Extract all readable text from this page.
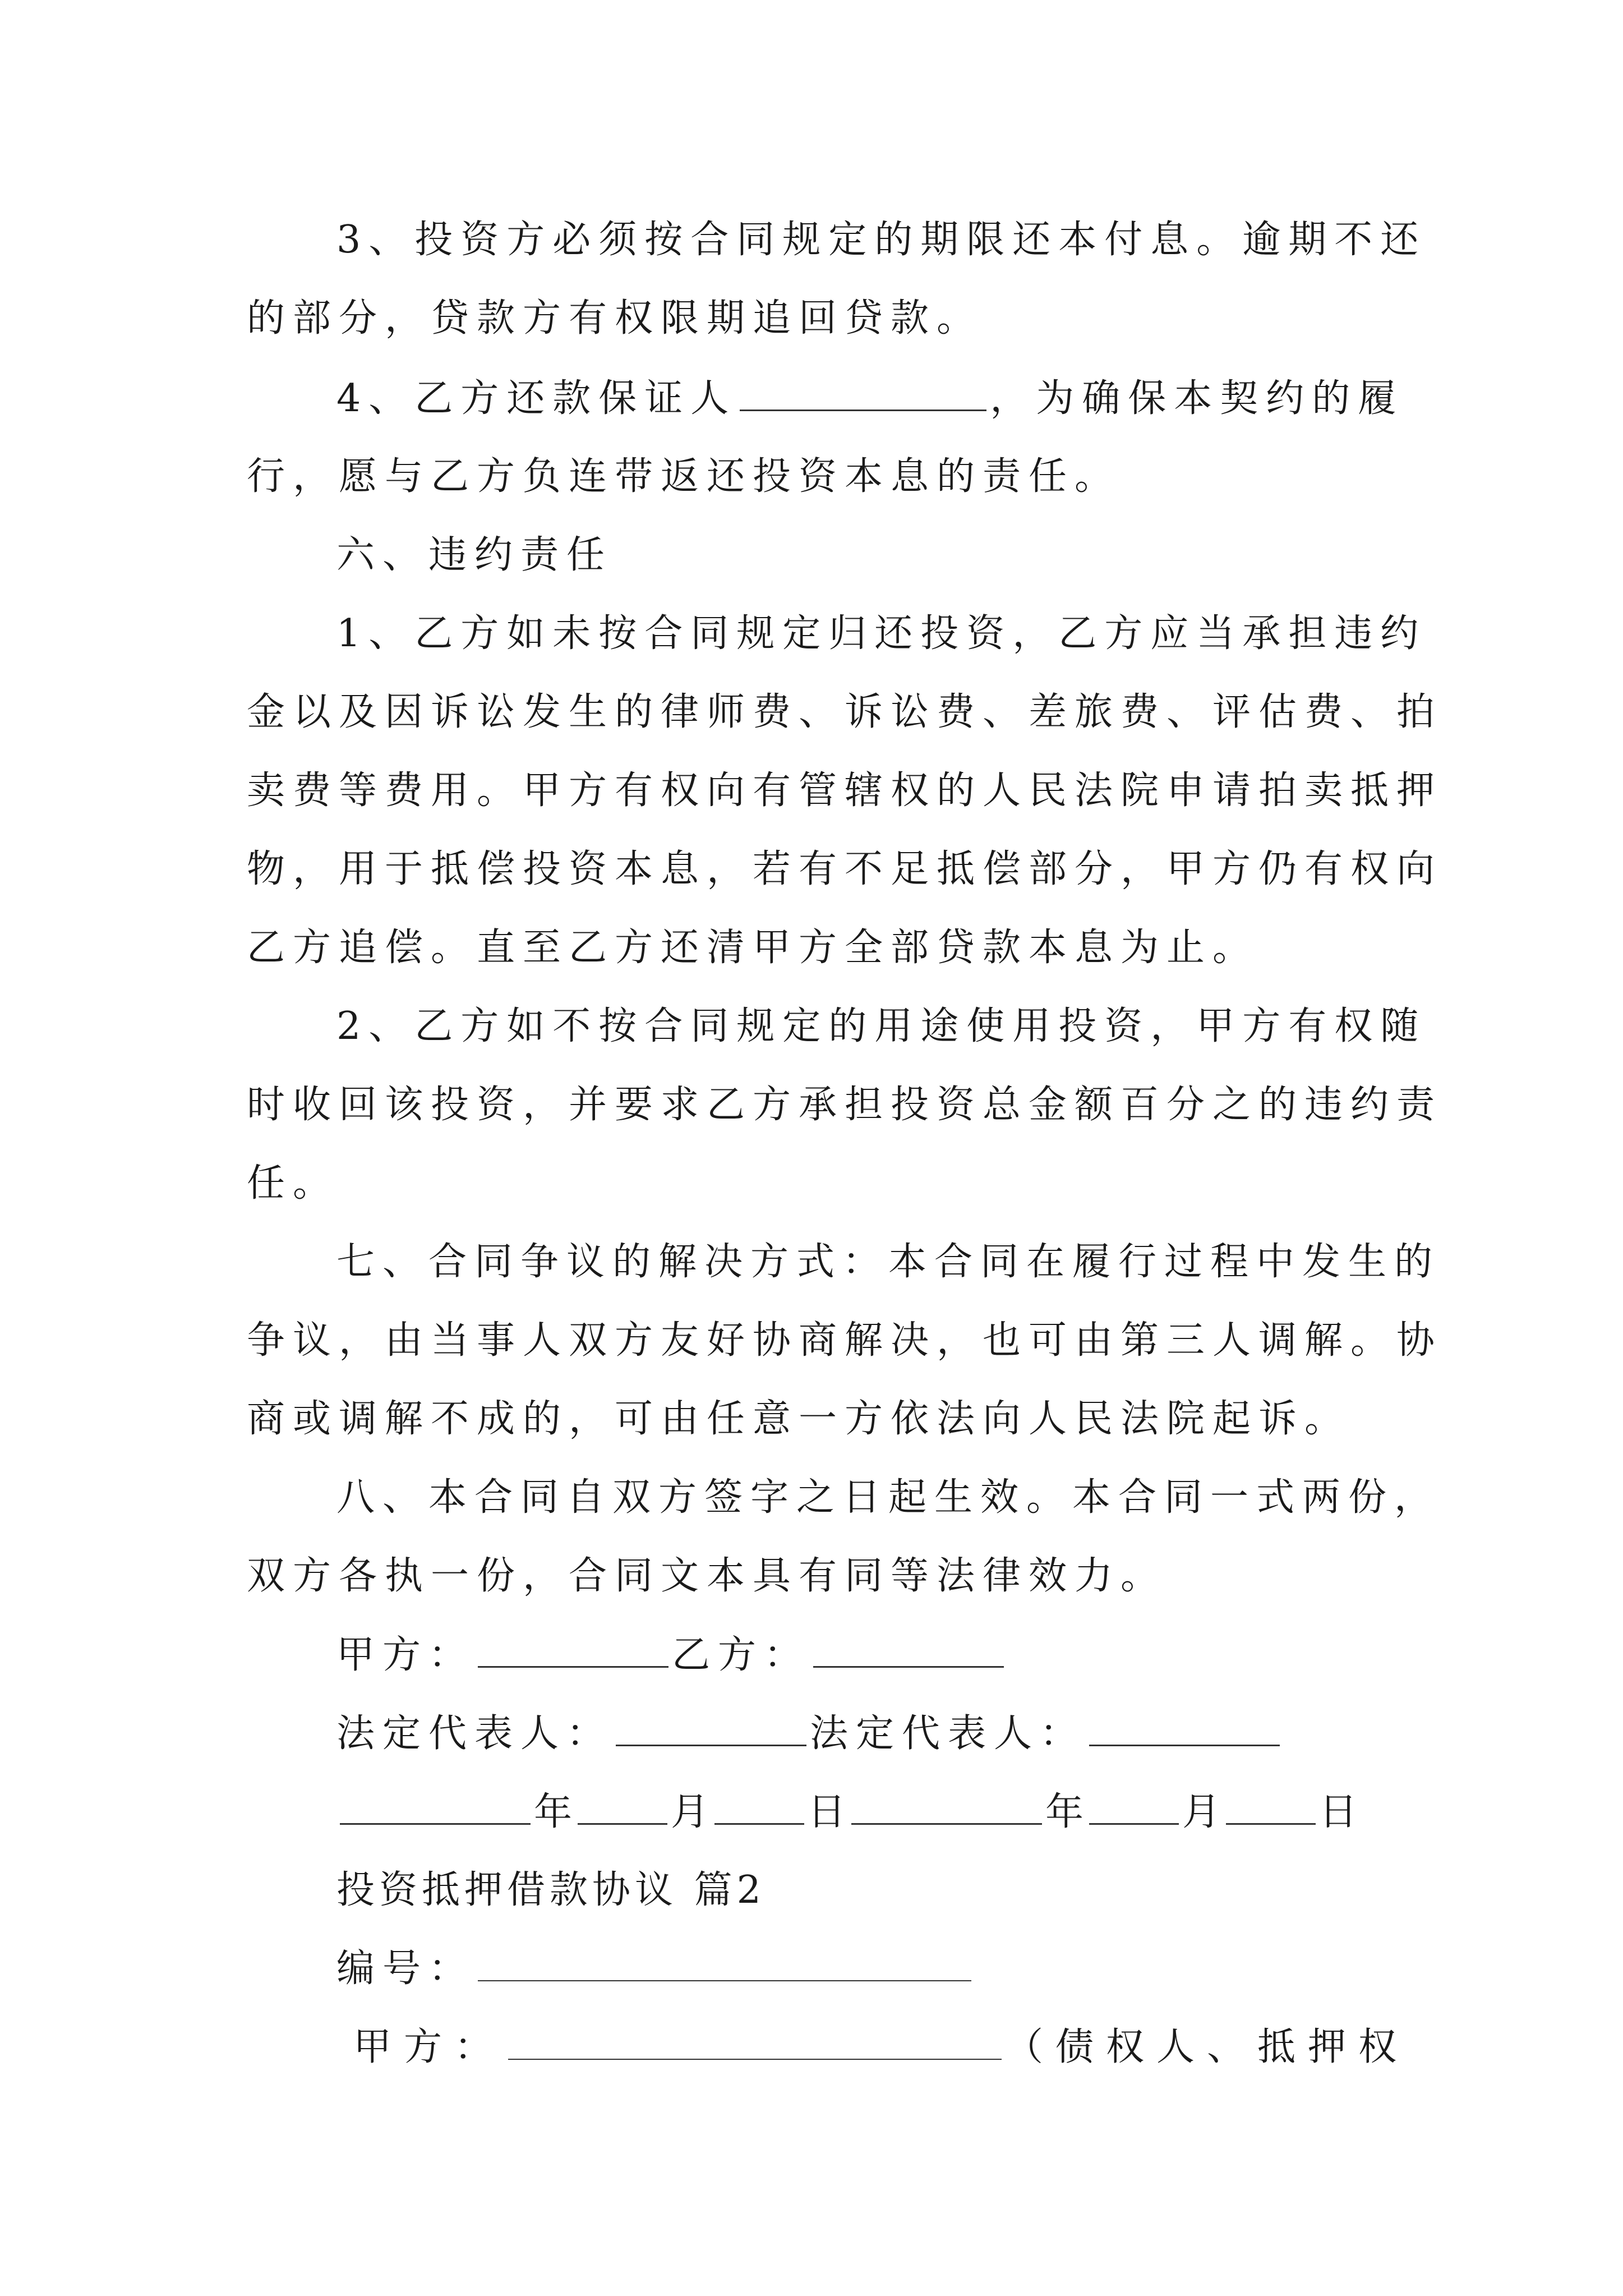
3、投资方必须按合同规定的期限还本付息。逾期不还
的部分，贷款方有权限期追回贷款。
4、乙方还款保证人	，为确保本契约的履
行，愿与乙方负连带返还投资本息的责任。
六、违约责任
1、乙方如未按合同规定归还投资，乙方应当承担违约
金以及因诉讼发生的律师费、诉讼费、差旅费、评估费、拍
卖费等费用。甲方有权向有管辖权的人民法院申请拍卖抵押
物，用于抵偿投资本息，若有不足抵偿部分，甲方仍有权向
乙方追偿。直至乙方还清甲方全部贷款本息为止。
2、乙方如不按合同规定的用途使用投资，甲方有权随
时收回该投资，并要求乙方承担投资总金额百分之的违约责
任。
七、合同争议的解决方式：本合同在履行过程中发生的
争议，由当事人双方友好协商解决，也可由第三人调解。协
商或调解不成的，可由任意一方依法向人民法院起诉。
八、本合同自双方签字之日起生效。本合同一式两份，
双方各执一份，合同文本具有同等法律效力。
甲方：	乙方：
法定代表人：	法定代表人：
年	月	日	年	月	日
投资抵押借款协议 篇2
编号：
甲方：	（债权人、抵押权
